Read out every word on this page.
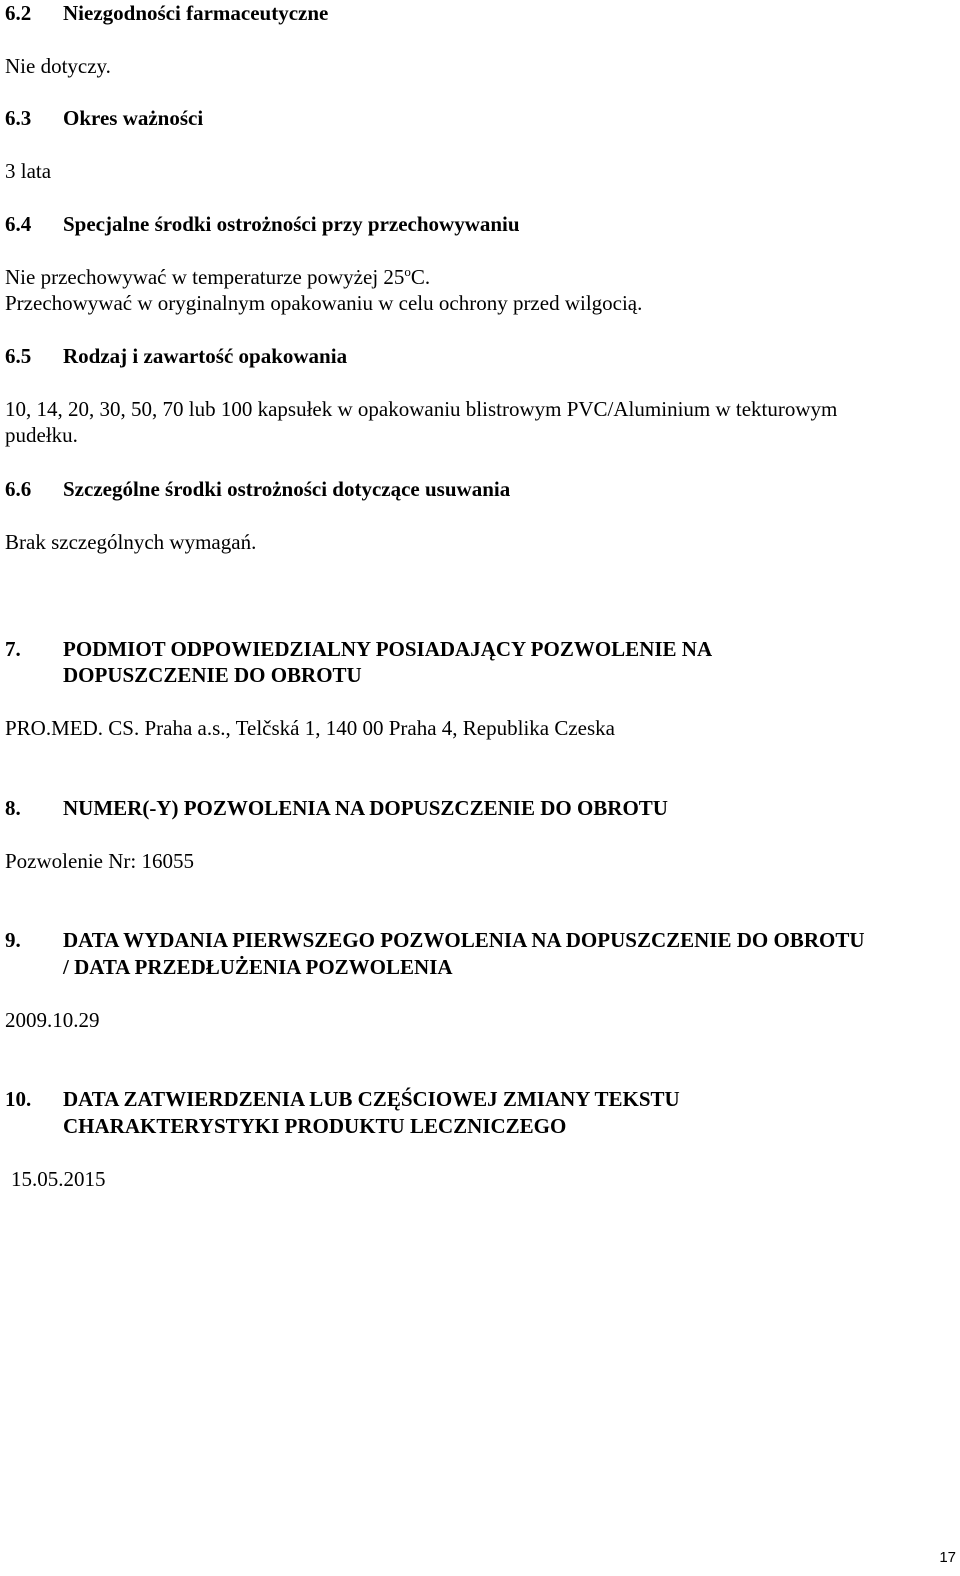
6.2 Niezgodności farmaceutyczne
Nie dotyczy.
6.3 Okres ważności
3 lata
6.4 Specjalne środki ostrożności przy przechowywaniu
Nie przechowywać w temperaturze powyżej 25$^o$C.
Przechowywać w oryginalnym opakowaniu w celu ochrony przed wilgocią.
6.5 Rodzaj i zawartość opakowania
10, 14, 20, 30, 50, 70 lub 100 kapsułek w opakowaniu blistrowym PVC/Aluminium w tekturowym
pudełku.
6.6 Szczególne środki ostrożności dotyczące usuwania
Brak szczególnych wymagań.
7. PODMIOT ODPOWIEDZIALNY POSIADAJĄCY POZWOLENIE NA
DOPUSZCZENIE DO OBROTU
PRO.MED. CS. Praha a.s., Telčská 1, 140 00 Praha 4, Republika Czeska
8. NUMER(-Y) POZWOLENIA NA DOPUSZCZENIE DO OBROTU
Pozwolenie Nr: 16055
9. DATA WYDANIA PIERWSZEGO POZWOLENIA NA DOPUSZCZENIE DO OBROTU
/ DATA PRZEDŁUŻENIA POZWOLENIA
2009.10.29
10. DATA ZATWIERDZENIA LUB CZĘŚCIOWEJ ZMIANY TEKSTU
CHARAKTERYSTYKI PRODUKTU LECZNICZEGO
15.05.2015
17
